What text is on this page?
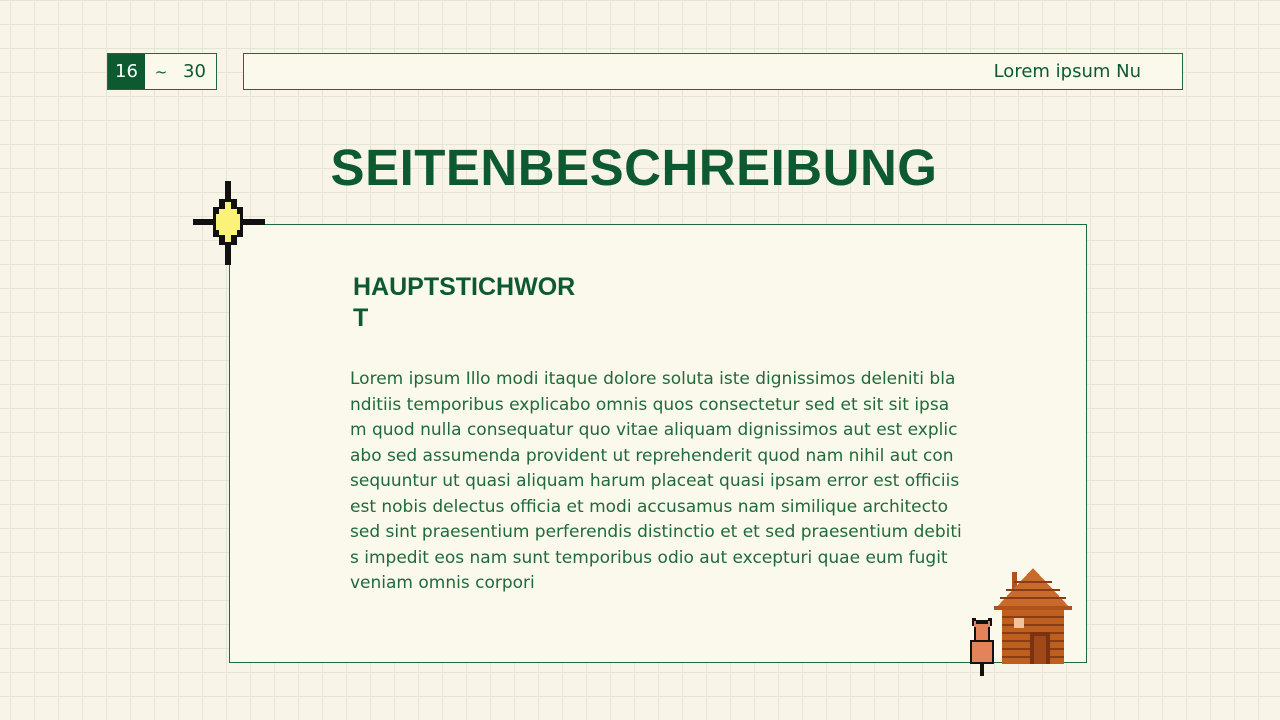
16	~ 30	Lorem ipsum Nu
SEITENBESCHREIBUNG
HAUPTSTICHWORT

Lorem ipsum Illo modi itaque dolore soluta iste dignissimos deleniti blanditiis temporibus explicabo omnis quos consectetur sed et sit sit ipsam quod nulla consequatur quo vitae aliquam dignissimos aut est explicabo sed assumenda provident ut reprehenderit quod nam nihil aut consequuntur ut quasi aliquam harum placeat quasi ipsam error est officiis est nobis delectus officia et modi accusamus nam similique architecto sed sint praesentium perferendis distinctio et et sed praesentium debitis impedit eos nam sunt temporibus odio aut excepturi quae eum fugit veniam omnis corpori
